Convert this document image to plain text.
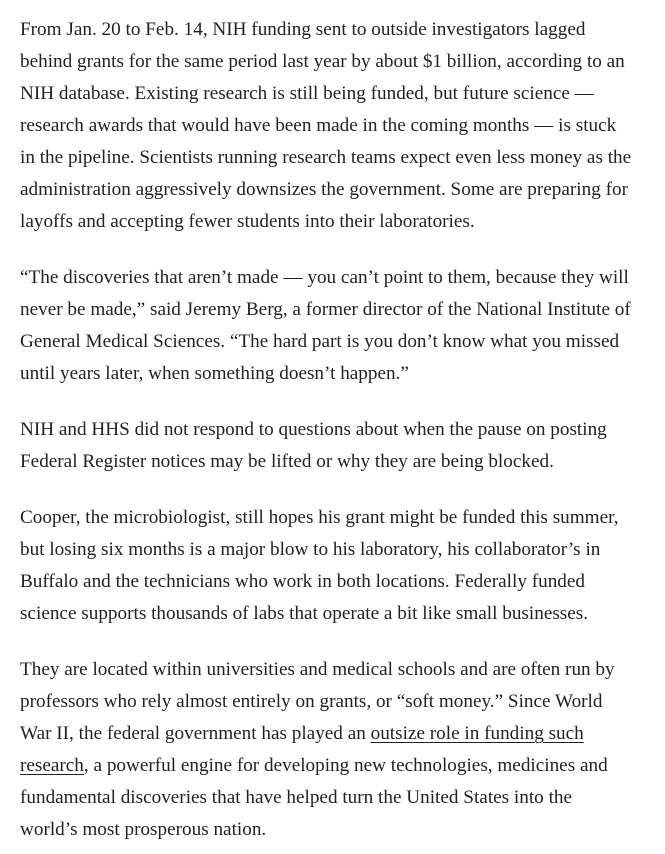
From Jan. 20 to Feb. 14, NIH funding sent to outside investigators lagged
behind grants for the same period last year by about $1 billion, according to an
NIH database. Existing research is still being funded, but future science —
research awards that would have been made in the coming months — is stuck
in the pipeline. Scientists running research teams expect even less money as the
administration aggressively downsizes the government. Some are preparing for
layoffs and accepting fewer students into their laboratories.

“The discoveries that aren’t made — you can’t point to them, because they will
never be made,” said Jeremy Berg, a former director of the National Institute of
General Medical Sciences. “The hard part is you don’t know what you missed
until years later, when something doesn’t happen.”

NIH and HHS did not respond to questions about when the pause on posting
Federal Register notices may be lifted or why they are being blocked.

Cooper, the microbiologist, still hopes his grant might be funded this summer,
but losing six months is a major blow to his laboratory, his collaborator’s in
Buffalo and the technicians who work in both locations. Federally funded
science supports thousands of labs that operate a bit like small businesses.

They are located within universities and medical schools and are often run by
professors who rely almost entirely on grants, or “soft money.” Since World
War II, the federal government has played an outsize role in funding such
research, a powerful engine for developing new technologies, medicines and
fundamental discoveries that have helped turn the United States into the
world’s most prosperous nation.
